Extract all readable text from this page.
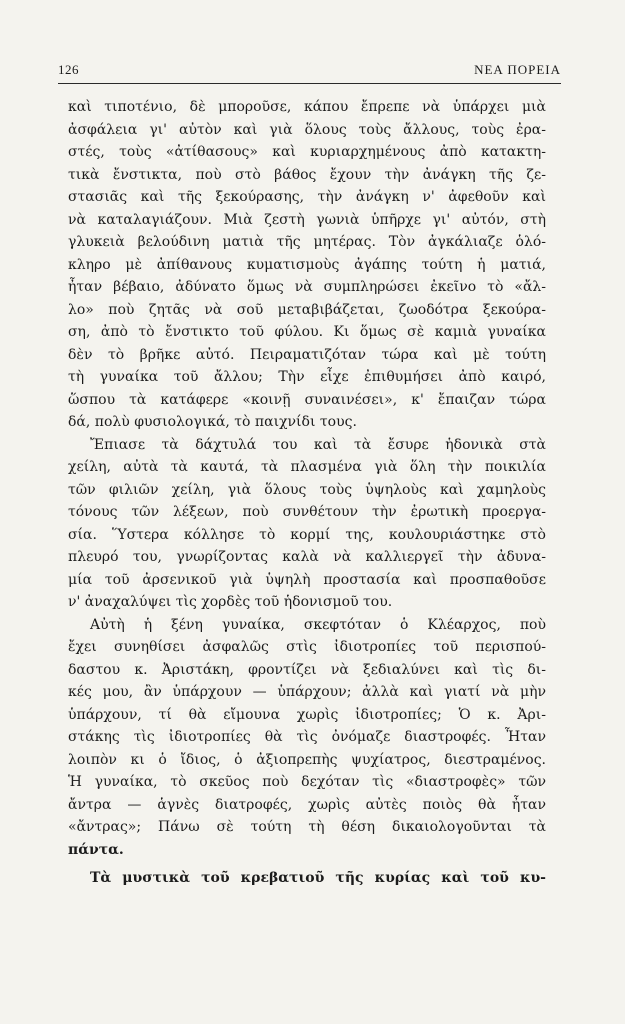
126	ΝΕΑ ΠΟΡΕΙΑ
καὶ τιποτένιο, δὲ μποροῦσε, κάπου ἔπρεπε νὰ ὑπάρχει μιὰ
ἀσφάλεια γι' αὐτὸν καὶ γιὰ ὅλους τοὺς ἄλλους, τοὺς ἐρα-
στές, τοὺς «ἀτίθασους» καὶ κυριαρχημένους ἀπὸ κατακτη-
τικὰ ἔνστικτα, ποὺ στὸ βάθος ἔχουν τὴν ἀνάγκη τῆς ζε-
στασιᾶς καὶ τῆς ξεκούρασης, τὴν ἀνάγκη ν' ἀφεθοῦν καὶ
νὰ καταλαγιάζουν. Μιὰ ζεστὴ γωνιὰ ὑπῆρχε γι' αὐτόν, στὴ
γλυκειὰ βελούδινη ματιὰ τῆς μητέρας. Τὸν ἀγκάλιαζε ὁλό-
κληρο μὲ ἀπίθανους κυματισμοὺς ἀγάπης τούτη ἡ ματιά,
ἦταν βέβαιο, ἀδύνατο ὅμως νὰ συμπληρώσει ἐκεῖνο τὸ «ἄλ-
λο» ποὺ ζητᾶς νὰ σοῦ μεταβιβάζεται, ζωοδότρα ξεκούρα-
ση, ἀπὸ τὸ ἔνστικτο τοῦ φύλου. Κι ὅμως σὲ καμιὰ γυναίκα
δὲν τὸ βρῆκε αὐτό. Πειραματιζόταν τώρα καὶ μὲ τούτη
τὴ γυναίκα τοῦ ἄλλου; Τὴν εἶχε ἐπιθυμήσει ἀπὸ καιρό,
ὥσπου τὰ κατάφερε «κοινῇ συναινέσει», κ' ἔπαιζαν τώρα
δά, πολὺ φυσιολογικά, τὸ παιχνίδι τους.
Ἔπιασε τὰ δάχτυλά του καὶ τὰ ἔσυρε ἡδονικὰ στὰ
χείλη, αὐτὰ τὰ καυτά, τὰ πλασμένα γιὰ ὅλη τὴν ποικιλία
τῶν φιλιῶν χείλη, γιὰ ὅλους τοὺς ὑψηλοὺς καὶ χαμηλοὺς
τόνους τῶν λέξεων, ποὺ συνθέτουν τὴν ἐρωτικὴ προεργα-
σία. Ὕστερα κόλλησε τὸ κορμί της, κουλουριάστηκε στὸ
πλευρό του, γνωρίζοντας καλὰ νὰ καλλιεργεῖ τὴν ἀδυνα-
μία τοῦ ἀρσενικοῦ γιὰ ὑψηλὴ προστασία καὶ προσπαθοῦσε
ν' ἀναχαλύψει τὶς χορδὲς τοῦ ἡδονισμοῦ του.
Αὐτὴ ἡ ξένη γυναίκα, σκεφτόταν ὁ Κλέαρχος, ποὺ
ἔχει συνηθίσει ἀσφαλῶς στὶς ἰδιοτροπίες τοῦ περισπού-
δαστου κ. Ἀριστάκη, φροντίζει νὰ ξεδιαλύνει καὶ τὶς δι-
κές μου, ἂν ὑπάρχουν — ὑπάρχουν; ἀλλὰ καὶ γιατί νὰ μὴν
ὑπάρχουν, τί θὰ εἴμουνα χωρὶς ἰδιοτροπίες; Ὁ κ. Ἀρι-
στάκης τὶς ἰδιοτροπίες θὰ τὶς ὀνόμαζε διαστροφές. Ἦταν
λοιπὸν κι ὁ ἴδιος, ὁ ἀξιοπρεπὴς ψυχίατρος, διεστραμένος.
Ἡ γυναίκα, τὸ σκεῦος ποὺ δεχόταν τὶς «διαστροφὲς» τῶν
ἄντρα — ἁγνὲς διατροφές, χωρὶς αὐτὲς ποιὸς θὰ ἦταν
«ἄντρας»; Πάνω σὲ τούτη τὴ θέση δικαιολογοῦνται τὰ
πάντα.
Τὰ μυστικὰ τοῦ κρεβατιοῦ τῆς κυρίας καὶ τοῦ κυ-
